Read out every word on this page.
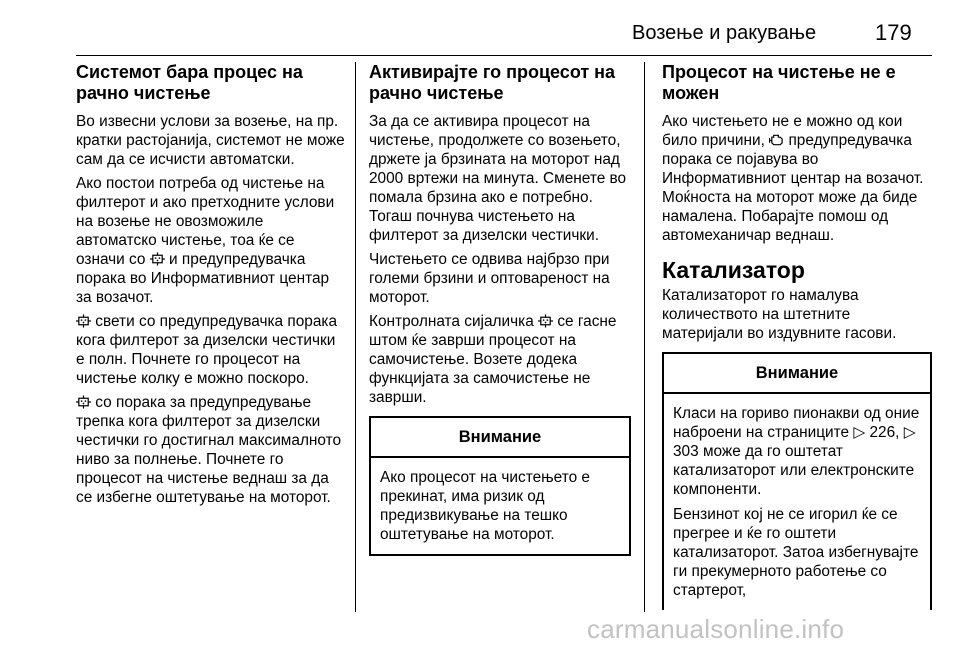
Возење и ракување	179
Системот бара процес на рачно чистење

Во извесни услови за возење, на пр. кратки растојанија, системот не може сам да се исчисти автоматски.

Ако постои потреба од чистење на филтерот и ако претходните услови на возење не овозможиле автоматско чистење, тоа ќе се означи со и предупредувачка порака во Информативниот центар за возачот.

свети со предупредувачка порака кога филтерот за дизелски честички е полн. Почнете го процесот на чистење колку е можно поскоро.

со порака за предупредување трепка кога филтерот за дизелски честички го достигнал максималното ниво за полнење. Почнете го процесот на чистење веднаш за да се избегне оштетување на моторот.

Активирајте го процесот на рачно чистење

За да се активира процесот на чистење, продолжете со возењето, држете ја брзината на моторот над 2000 вртежи на минута. Сменете во помала брзина ако е потребно. Тогаш почнува чистењето на филтерот за дизелски честички.

Чистењето се одвива најбрзо при големи брзини и оптовареност на моторот.

Контролната сијаличка се гасне штом ќе заврши процесот на самочистење. Возете додека функцијата за самочистење не заврши.

Внимание

Ако процесот на чистењето е прекинат, има ризик од предизвикување на тешко оштетување на моторот.

Процесот на чистење не е можен

Ако чистењето не е можно од кои било причини, предупредувачка порака се појавува во Информативниот центар на возачот. Моќноста на моторот може да биде намалена. Побарајте помош од автомеханичар веднаш.

Катализатор

Катализаторот го намалува количеството на штетните материјали во издувните гасови.

Внимание

Класи на гориво пионакви од оние наброени на страниците ▷ 226, ▷ 303 може да го оштетат катализаторот или електронските компоненти.

Бензинот кој не се игорил ќе се прегрее и ќе го оштети катализаторот. Затоа избегнувајте ги прекумерното работење со стартерот,

carmanualsonline.info
